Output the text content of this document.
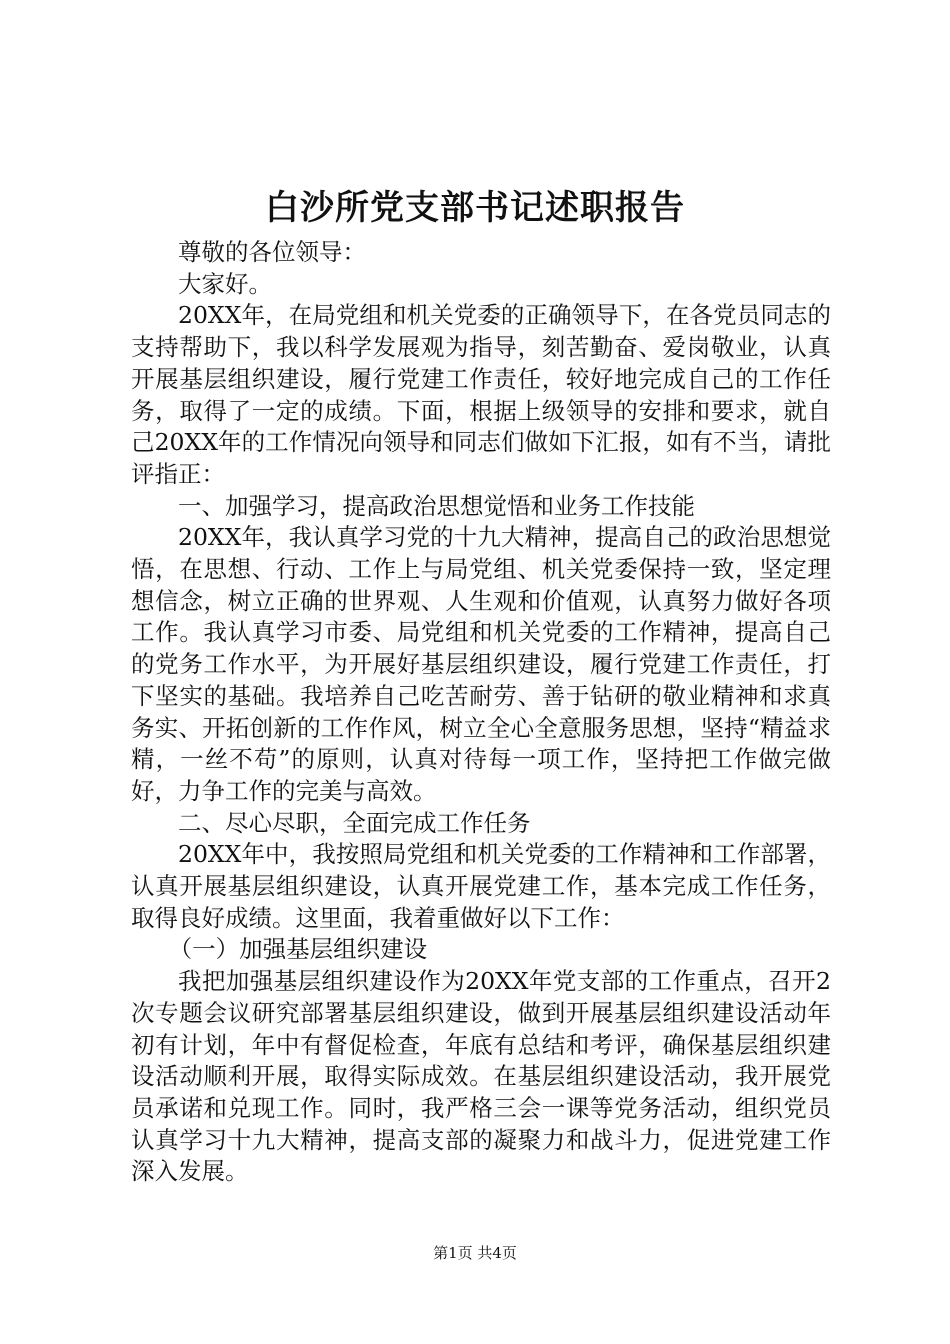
白沙所党支部书记述职报告

尊敬的各位领导：

大家好。

20XX年，在局党组和机关党委的正确领导下，在各党员同志的支持帮助下，我以科学发展观为指导，刻苦勤奋、爱岗敬业，认真开展基层组织建设，履行党建工作责任，较好地完成自己的工作任务，取得了一定的成绩。下面，根据上级领导的安排和要求，就自己20XX年的工作情况向领导和同志们做如下汇报，如有不当，请批评指正：

一、加强学习，提高政治思想觉悟和业务工作技能

20XX年，我认真学习党的十九大精神，提高自己的政治思想觉悟，在思想、行动、工作上与局党组、机关党委保持一致，坚定理想信念，树立正确的世界观、人生观和价值观，认真努力做好各项工作。我认真学习市委、局党组和机关党委的工作精神，提高自己的党务工作水平，为开展好基层组织建设，履行党建工作责任，打下坚实的基础。我培养自己吃苦耐劳、善于钻研的敬业精神和求真务实、开拓创新的工作作风，树立全心全意服务思想，坚持“精益求精，一丝不苟”的原则，认真对待每一项工作，坚持把工作做完做好，力争工作的完美与高效。

二、尽心尽职，全面完成工作任务

20XX年中，我按照局党组和机关党委的工作精神和工作部署，认真开展基层组织建设，认真开展党建工作，基本完成工作任务，取得良好成绩。这里面，我着重做好以下工作：

（一）加强基层组织建设

我把加强基层组织建设作为20XX年党支部的工作重点，召开2次专题会议研究部署基层组织建设，做到开展基层组织建设活动年初有计划，年中有督促检查，年底有总结和考评，确保基层组织建设活动顺利开展，取得实际成效。在基层组织建设活动，我开展党员承诺和兑现工作。同时，我严格三会一课等党务活动，组织党员认真学习十九大精神，提高支部的凝聚力和战斗力，促进党建工作深入发展。

第1页 共4页
